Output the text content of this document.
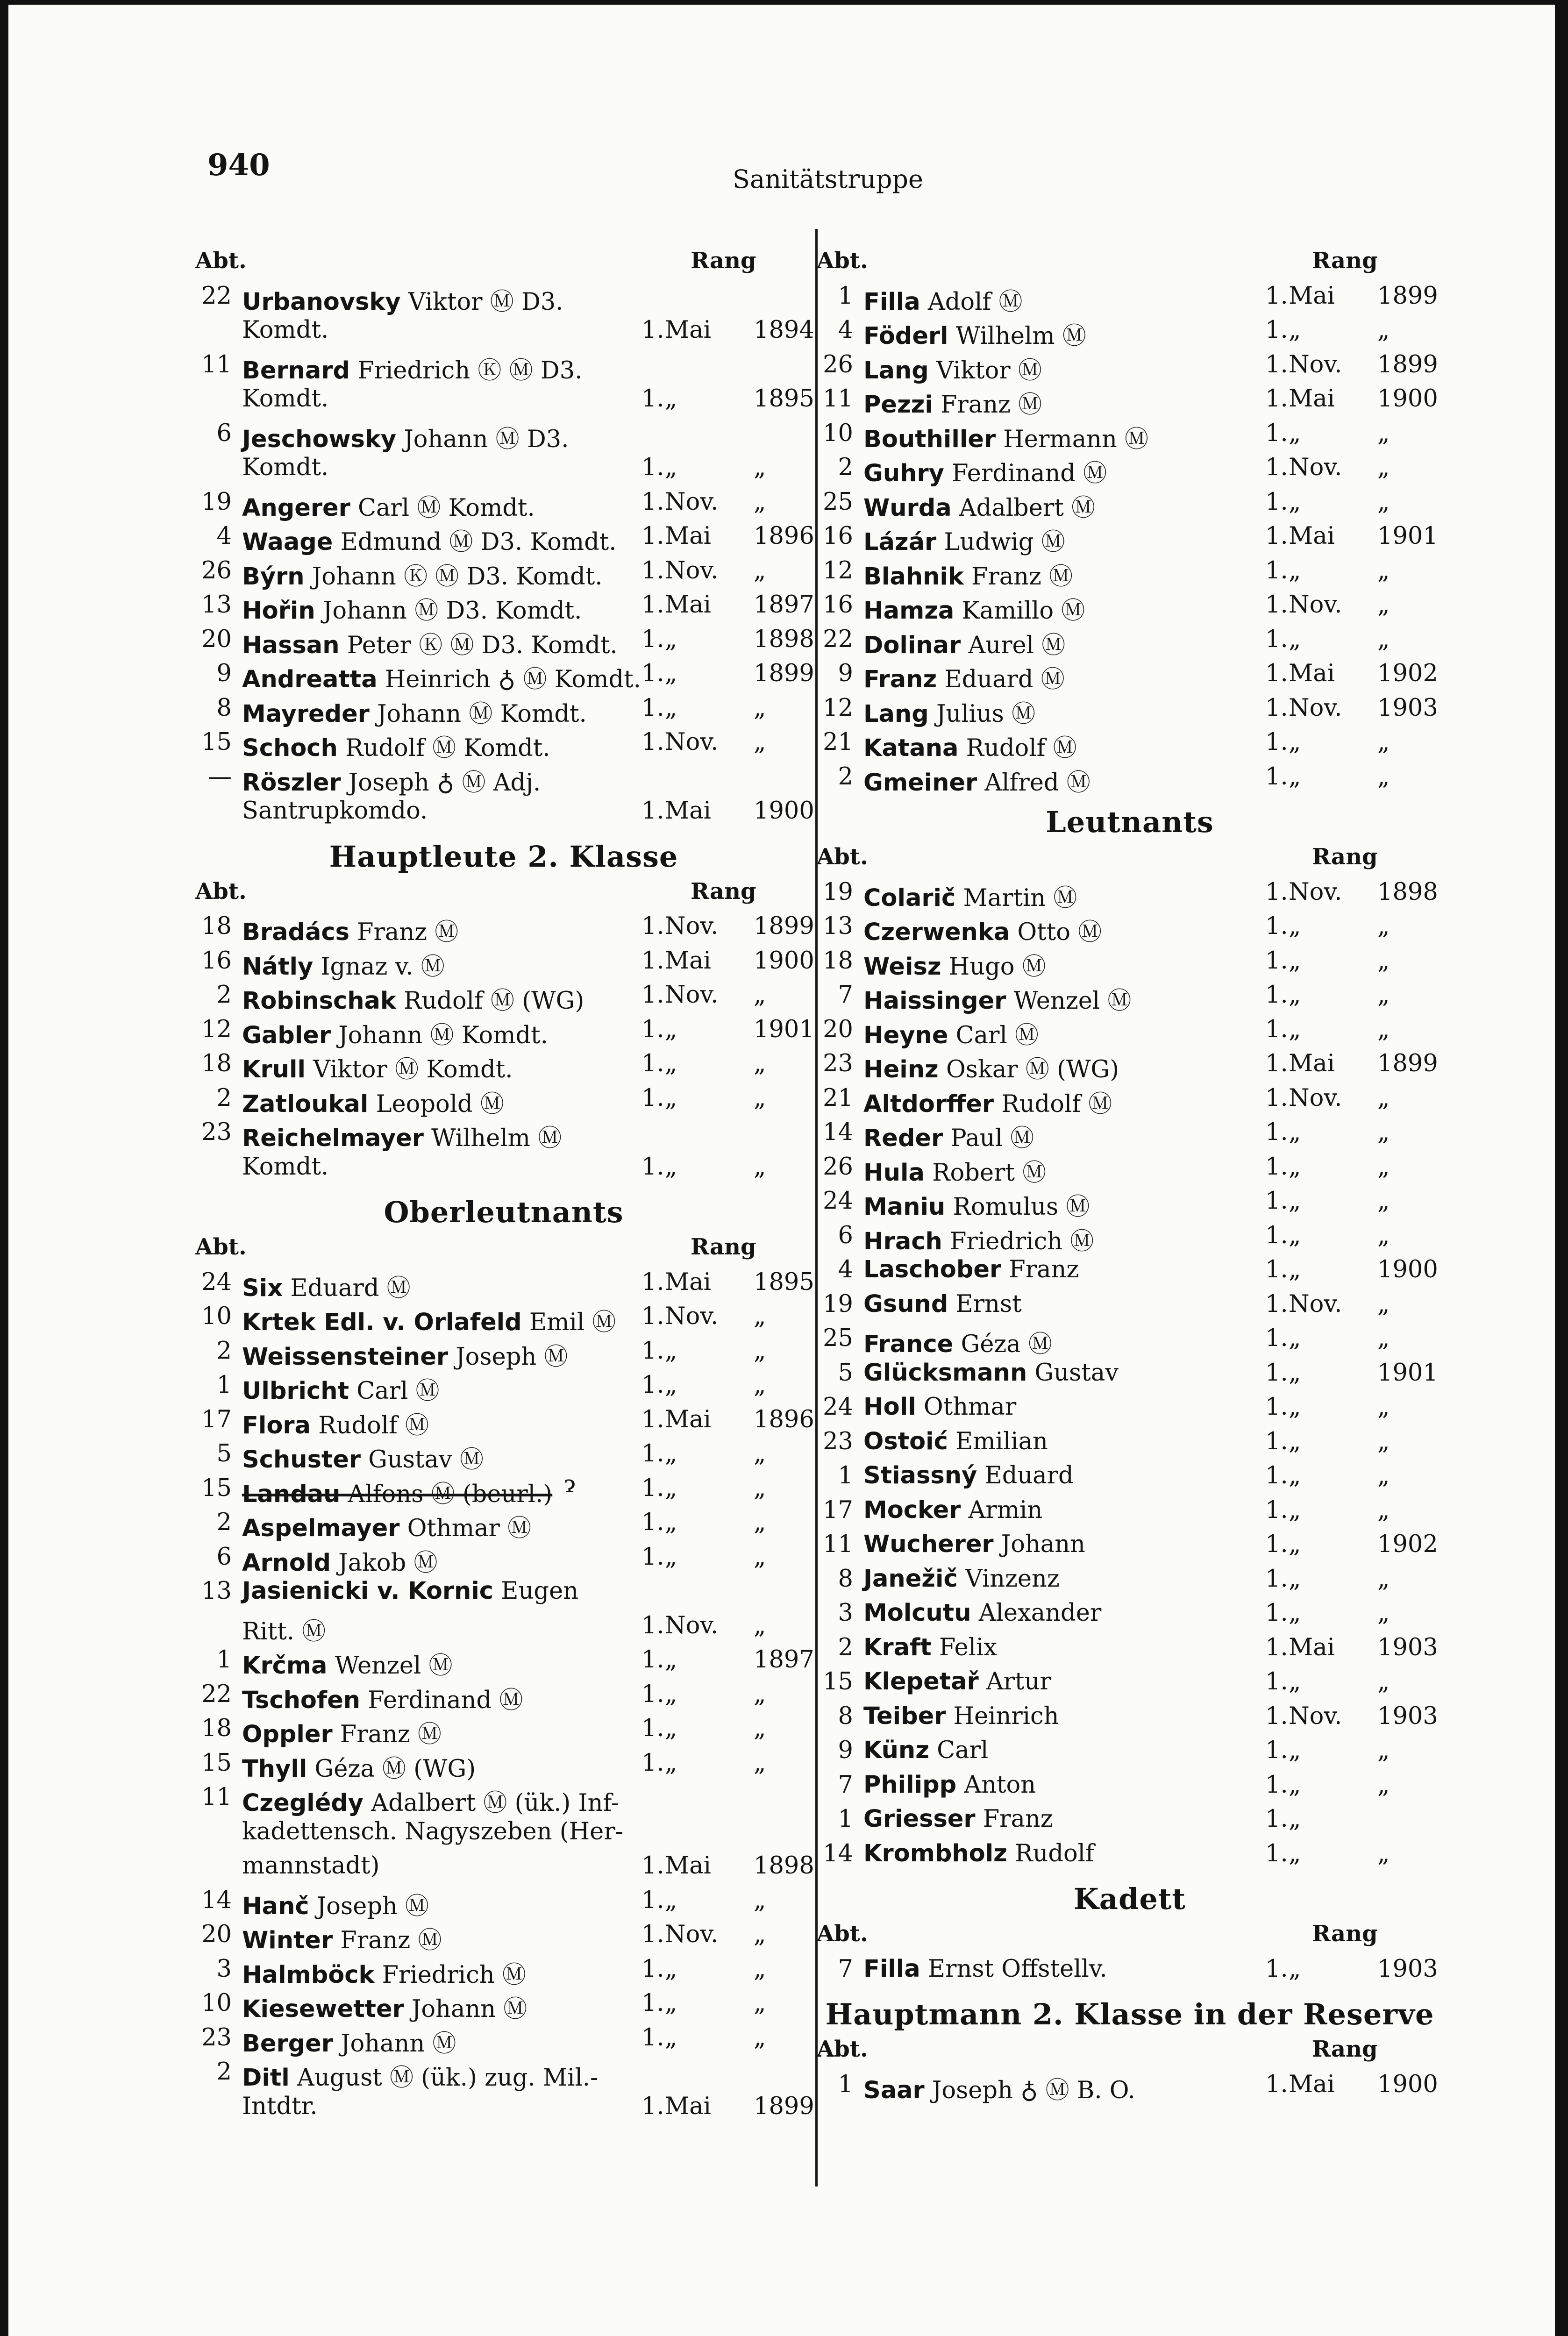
940	Sanitätstruppe
Abt.	Rang
22 Urbanovsky Viktor Ⓜ D3.
Komdt.	1. Mai 1894
11 Bernard Friedrich Ⓚ Ⓜ D3.
Komdt.	1. „	1895
6 Jeschowsky Johann Ⓜ D3.
Komdt.	1. „	„
19 Angerer Carl Ⓜ Komdt.	1. Nov. „
4 Waage Edmund Ⓜ D3. Komdt. 1. Mai 1896
26 Býrn Johann Ⓚ Ⓜ D3. Komdt. 1. Nov. „
13 Hořin Johann Ⓜ D3. Komdt.	1. Mai 1897
20 Hassan Peter Ⓚ Ⓜ D3. Komdt. 1. „	1898
9 Andreatta Heinrich ♁ Ⓜ Komdt. 1. „	1899
8 Mayreder Johann Ⓜ Komdt. 1. „	„
15 Schoch Rudolf Ⓜ Komdt.	1. Nov. „
— Röszler Joseph ♁ Ⓜ Adj.
Santrupkomdo.	1. Mai 1900
Hauptleute 2. Klasse
Abt.	Rang
18 Bradács Franz Ⓜ	1. Nov. 1899
16 Nátly Ignaz v. Ⓜ	1. Mai 1900
2 Robinschak Rudolf Ⓜ (WG) 1. Nov. „
12 Gabler Johann Ⓜ Komdt.	1. „	1901
18 Krull Viktor Ⓜ Komdt.	1. „	„
2 Zatloukal Leopold Ⓜ	1. „	„
23 Reichelmayer Wilhelm Ⓜ
Komdt.	1. „	„
Oberleutnants
Abt.	Rang
24 Six Eduard Ⓜ	1. Mai 1895
10 Krtek Edl. v. Orlafeld Emil Ⓜ 1. Nov. „
2 Weissensteiner Joseph Ⓜ	1. „	„
1 Ulbricht Carl Ⓜ	1. „	„
17 Flora Rudolf Ⓜ	1. Mai 1896
5 Schuster Gustav Ⓜ	1. „	„
15 Landau Alfons Ⓜ (beurl.) ɂ	1. „	„
2 Aspelmayer Othmar Ⓜ	1. „	„
6 Arnold Jakob Ⓜ	1. „	„
13 Jasienicki v. Kornic Eugen
Ritt. Ⓜ	1. Nov. „
1 Krčma Wenzel Ⓜ	1. „	1897
22 Tschofen Ferdinand Ⓜ	1. „	„
18 Oppler Franz Ⓜ	1. „	„
15 Thyll Géza Ⓜ (WG)	1. „	„
11 Czeglédy Adalbert Ⓜ (ük.) Inf-
kadettensch. Nagyszeben (Her-
mannstadt)	1. Mai 1898
14 Hanč Joseph Ⓜ	1. „	„
20 Winter Franz Ⓜ	1. Nov. „
3 Halmböck Friedrich Ⓜ	1. „	„
10 Kiesewetter Johann Ⓜ	1. „	„
23 Berger Johann Ⓜ	1. „	„
2 Ditl August Ⓜ (ük.) zug. Mil.-
Intdtr.	1. Mai 1899
Abt.	Rang
1 Filla Adolf Ⓜ	1. Mai 1899
4 Föderl Wilhelm Ⓜ	1. „	„
26 Lang Viktor Ⓜ	1. Nov. 1899
11 Pezzi Franz Ⓜ	1. Mai 1900
10 Bouthiller Hermann Ⓜ	1. „	„
2 Guhry Ferdinand Ⓜ	1. Nov. „
25 Wurda Adalbert Ⓜ	1. „	„
16 Lázár Ludwig Ⓜ	1. Mai 1901
12 Blahnik Franz Ⓜ	1. „	„
16 Hamza Kamillo Ⓜ	1. Nov. „
22 Dolinar Aurel Ⓜ	1. „	„
9 Franz Eduard Ⓜ	1. Mai 1902
12 Lang Julius Ⓜ	1. Nov. 1903
21 Katana Rudolf Ⓜ	1. „	„
2 Gmeiner Alfred Ⓜ	1. „	„
Leutnants
Abt.	Rang
19 Colarič Martin Ⓜ	1. Nov. 1898
13 Czerwenka Otto Ⓜ	1. „	„
18 Weisz Hugo Ⓜ	1. „	„
7 Haissinger Wenzel Ⓜ	1. „	„
20 Heyne Carl Ⓜ	1. „	„
23 Heinz Oskar Ⓜ (WG)	1. Mai 1899
21 Altdorffer Rudolf Ⓜ	1. Nov. „
14 Reder Paul Ⓜ	1. „	„
26 Hula Robert Ⓜ	1. „	„
24 Maniu Romulus Ⓜ	1. „	„
6 Hrach Friedrich Ⓜ	1. „	„
4 Laschober Franz	1. „	1900
19 Gsund Ernst	1. Nov. „
25 France Géza Ⓜ	1. „	„
5 Glücksmann Gustav	1. „	1901
24 Holl Othmar	1. „	„
23 Ostoić Emilian	1. „	„
1 Stiassný Eduard	1. „	„
17 Mocker Armin	1. „	„
11 Wucherer Johann	1. „	1902
8 Janežič Vinzenz	1. „	„
3 Molcutu Alexander	1. „	„
2 Kraft Felix	1. Mai 1903
15 Klepetař Artur	1. „	„
8 Teiber Heinrich	1. Nov. 1903
9 Künz Carl	1. „	„
7 Philipp Anton	1. „	„
1 Griesser Franz	1. „
14 Krombholz Rudolf	1. „	„
Kadett
Abt.	Rang
7 Filla Ernst Offstellv.	1. „	1903
Hauptmann 2. Klasse in der Reserve
Abt.	Rang
1 Saar Joseph ♁ Ⓜ B. O.	1. Mai 1900
